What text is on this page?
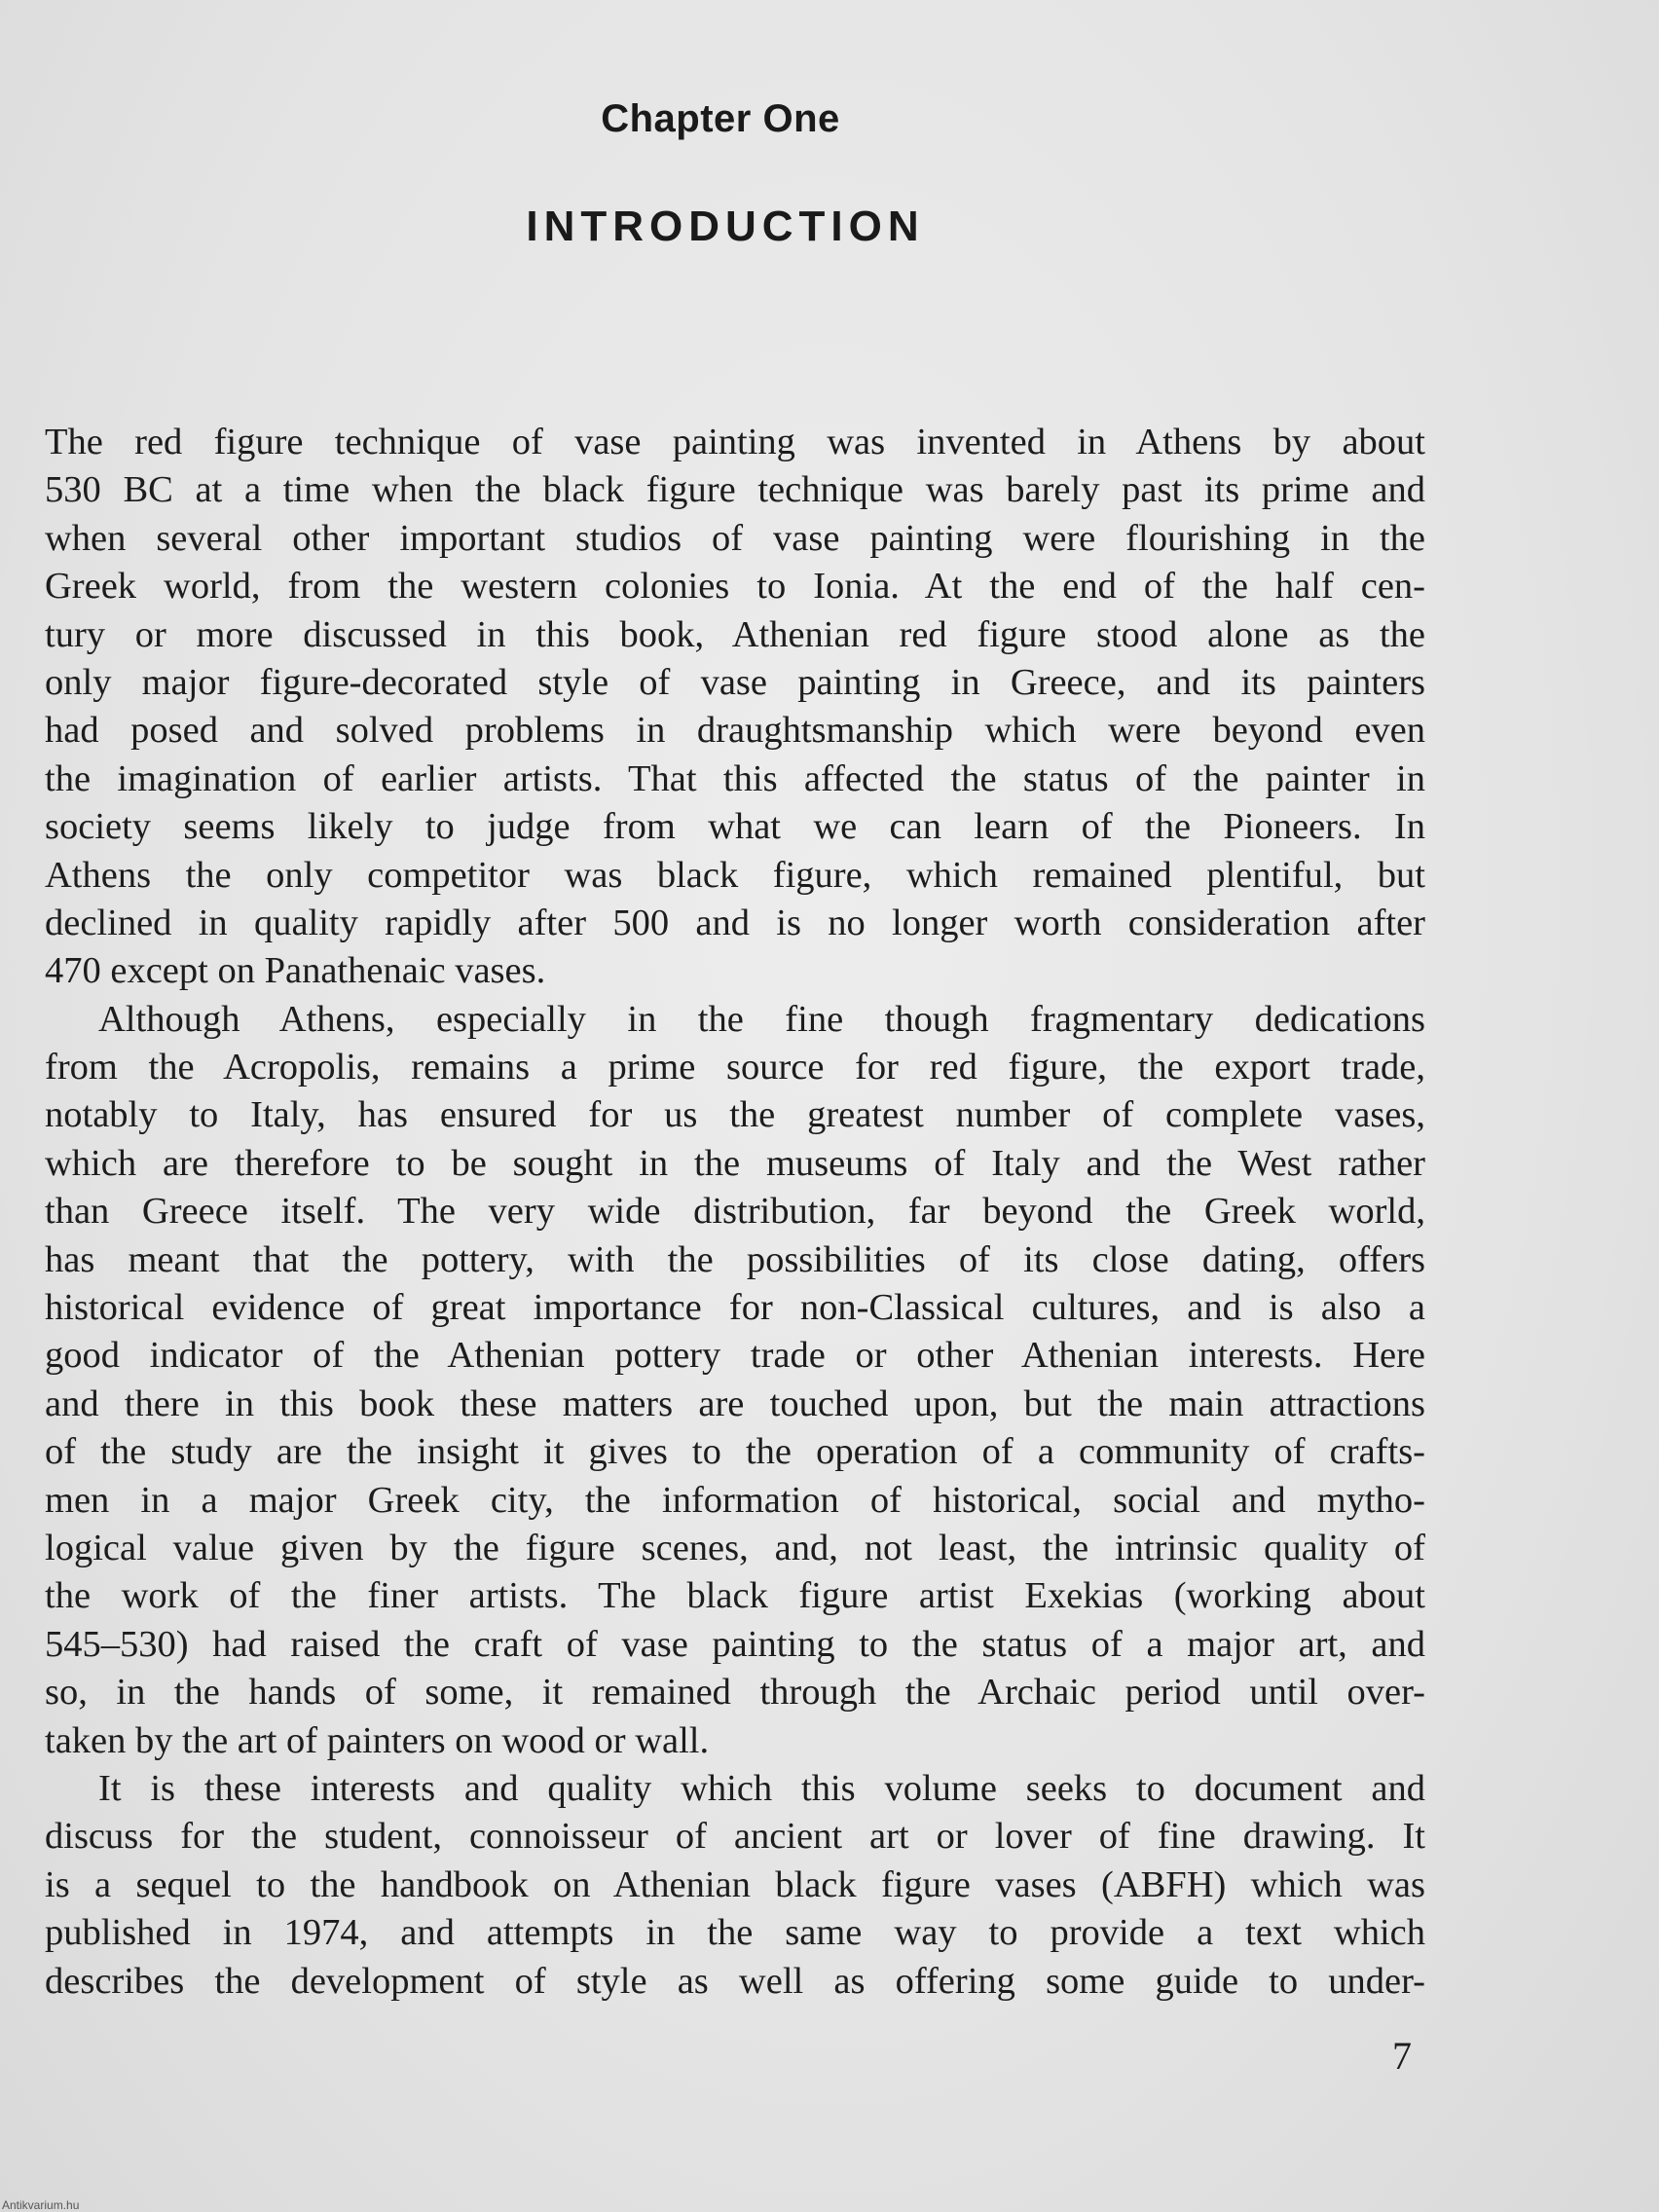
Chapter One
INTRODUCTION
The red figure technique of vase painting was invented in Athens by about
530 BC at a time when the black figure technique was barely past its prime and
when several other important studios of vase painting were flourishing in the
Greek world, from the western colonies to Ionia. At the end of the half cen-
tury or more discussed in this book, Athenian red figure stood alone as the
only major figure-decorated style of vase painting in Greece, and its painters
had posed and solved problems in draughtsmanship which were beyond even
the imagination of earlier artists. That this affected the status of the painter in
society seems likely to judge from what we can learn of the Pioneers. In
Athens the only competitor was black figure, which remained plentiful, but
declined in quality rapidly after 500 and is no longer worth consideration after
470 except on Panathenaic vases.
Although Athens, especially in the fine though fragmentary dedications
from the Acropolis, remains a prime source for red figure, the export trade,
notably to Italy, has ensured for us the greatest number of complete vases,
which are therefore to be sought in the museums of Italy and the West rather
than Greece itself. The very wide distribution, far beyond the Greek world,
has meant that the pottery, with the possibilities of its close dating, offers
historical evidence of great importance for non-Classical cultures, and is also a
good indicator of the Athenian pottery trade or other Athenian interests. Here
and there in this book these matters are touched upon, but the main attractions
of the study are the insight it gives to the operation of a community of crafts-
men in a major Greek city, the information of historical, social and mytho-
logical value given by the figure scenes, and, not least, the intrinsic quality of
the work of the finer artists. The black figure artist Exekias (working about
545–530) had raised the craft of vase painting to the status of a major art, and
so, in the hands of some, it remained through the Archaic period until over-
taken by the art of painters on wood or wall.
It is these interests and quality which this volume seeks to document and
discuss for the student, connoisseur of ancient art or lover of fine drawing. It
is a sequel to the handbook on Athenian black figure vases (ABFH) which was
published in 1974, and attempts in the same way to provide a text which
describes the development of style as well as offering some guide to under-
7
Antikvarium.hu
